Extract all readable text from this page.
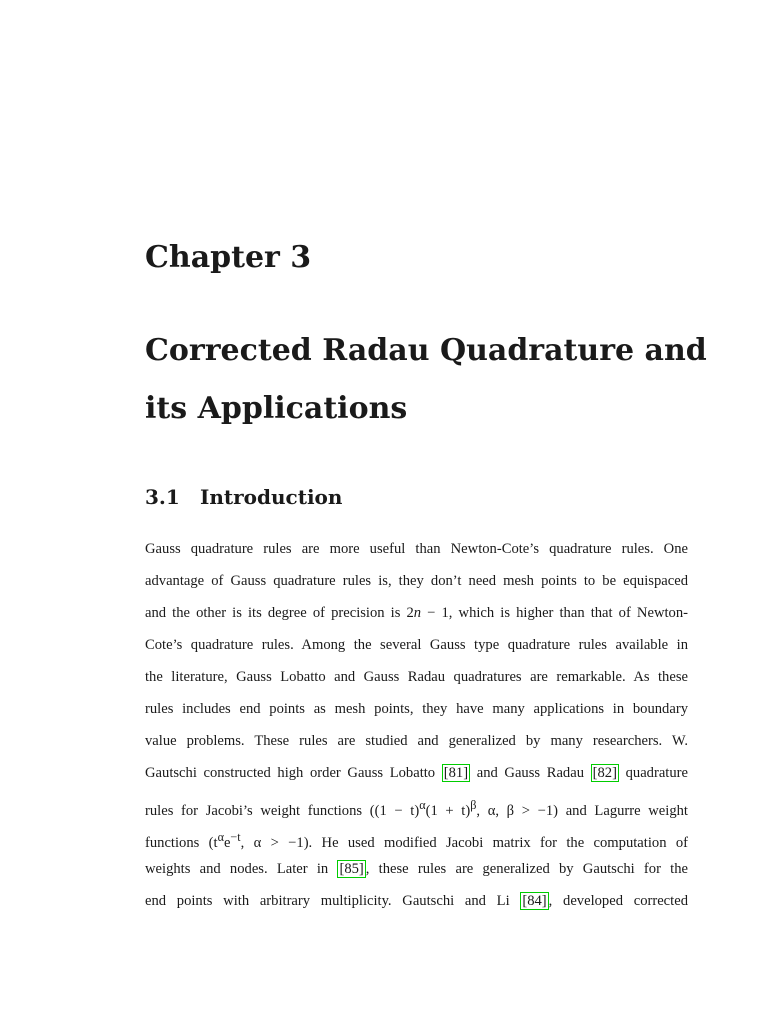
Chapter 3
Corrected Radau Quadrature and
its Applications
3.1 Introduction
Gauss quadrature rules are more useful than Newton-Cote’s quadrature rules. One
advantage of Gauss quadrature rules is, they don’t need mesh points to be equispaced
and the other is its degree of precision is 2n − 1, which is higher than that of Newton-
Cote’s quadrature rules. Among the several Gauss type quadrature rules available in
the literature, Gauss Lobatto and Gauss Radau quadratures are remarkable. As these
rules includes end points as mesh points, they have many applications in boundary
value problems. These rules are studied and generalized by many researchers. W.
Gautschi constructed high order Gauss Lobatto [81] and Gauss Radau [82] quadrature
rules for Jacobi’s weight functions ($(1 - t)^\alpha(1 + t)^\beta$, α, β > −1) and Lagurre weight
functions ($t^\alpha e^{-t}$, α > −1). He used modified Jacobi matrix for the computation of
weights and nodes. Later in [85] , these rules are generalized by Gautschi for the
end points with arbitrary multiplicity. Gautschi and Li [84] , developed corrected
